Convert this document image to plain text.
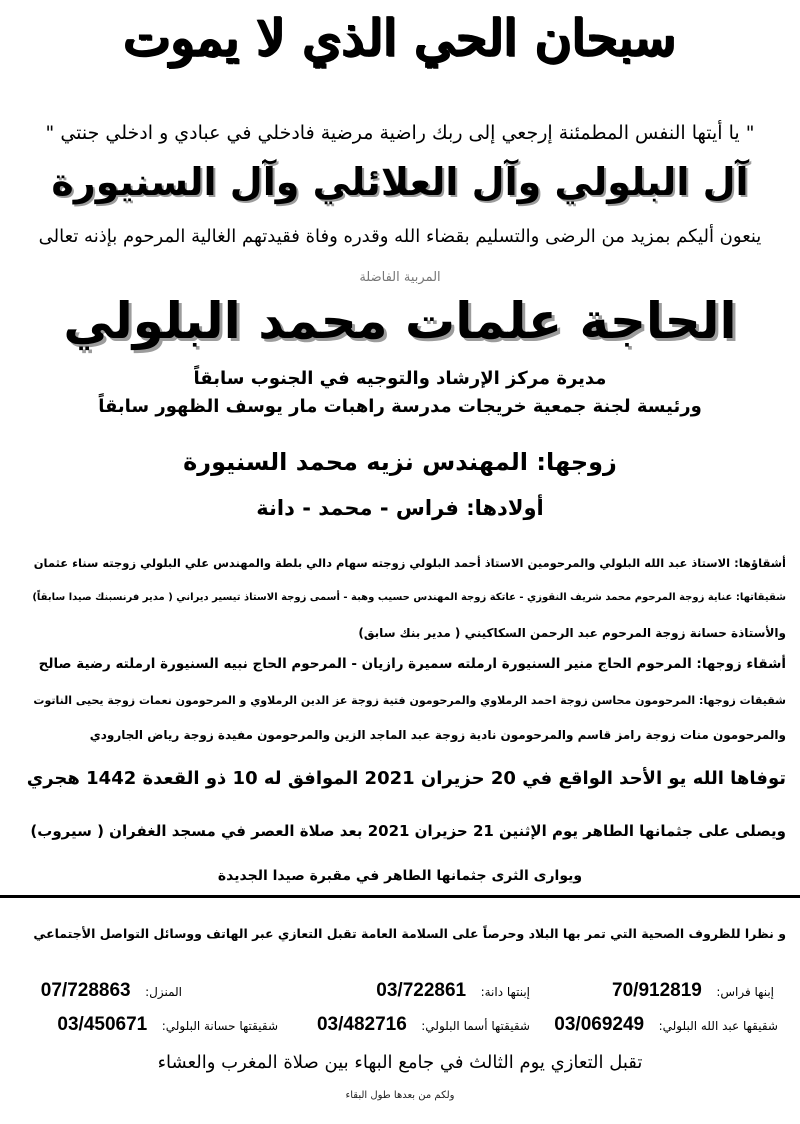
سبحان الحي الذي لا يموت
" يا أيتها النفس المطمئنة إرجعي إلى ربك راضية مرضية فادخلي في عبادي و ادخلي جنتي "
آل البلولي وآل العلائلي وآل السنيورة
ينعون أليكم بمزيد من الرضى والتسليم بقضاء الله وقدره وفاة فقيدتهم الغالية المرحوم بإذنه تعالى
المربية الفاضلة
الحاجة علمات محمد البلولي
مديرة مركز الإرشاد والتوجيه في الجنوب سابقاً
ورئيسة لجنة جمعية خريجات مدرسة راهبات مار يوسف الظهور سابقاً
زوجها: المهندس نزيه محمد السنيورة
أولادها: فراس - محمد - دانة
أشقاؤها: الاستاذ عبد الله البلولي والمرحومين الاستاذ أحمد البلولي زوجته سهام دالي بلطة والمهندس علي البلولي زوجته سناء عثمان
شقيقاتها: عناية زوجة المرحوم محمد شريف النقوزي - عاتكة زوجة المهندس حسيب وهبة - أسمى زوجة الاستاذ تيسير ديراني ( مدير فرنسبنك صيدا سابقاً)
والأستاذة حسانة زوجة المرحوم عبد الرحمن السكاكيني ( مدير بنك سابق)
أشقاء زوجها: المرحوم الحاج منير السنيورة ارملته سميرة رازيان - المرحوم الحاج نبيه السنيورة ارملته رضية صالح
شقيقات زوجها: المرحومون محاسن زوجة احمد الرملاوي والمرحومون فتية زوجة عز الدين الرملاوي و المرحومون نعمات زوجة يحيى الناتوت
والمرحومون منات زوجة رامز قاسم والمرحومون نادية زوجة عبد الماجد الزين والمرحومون مفيدة زوجة رياض الجارودي
توفاها الله يو الأحد الواقع في 20 حزيران 2021 الموافق له 10 ذو القعدة 1442 هجري
ويصلى على جثمانها الطاهر يوم الإثنين 21 حزيران 2021 بعد صلاة العصر في مسجد الغفران ( سيروب)
ويوارى الثرى جثمانها الطاهر في مقبرة صيدا الجديدة
و نظرا للظروف الصحية التي تمر بها البلاد وحرصاً على السلامة العامة تقبل التعازي عبر الهاتف ووسائل التواصل الأجتماعي
إبنها فراس: 70/912819
إبنتها دانة: 03/722861
المنزل: 07/728863
شقيقها عبد الله البلولي: 03/069249
شقيقتها أسما البلولي: 03/482716
شقيقتها حسانة البلولي: 03/450671
تقبل التعازي يوم الثالث في جامع البهاء بين صلاة المغرب والعشاء
ولكم من بعدها طول البقاء
